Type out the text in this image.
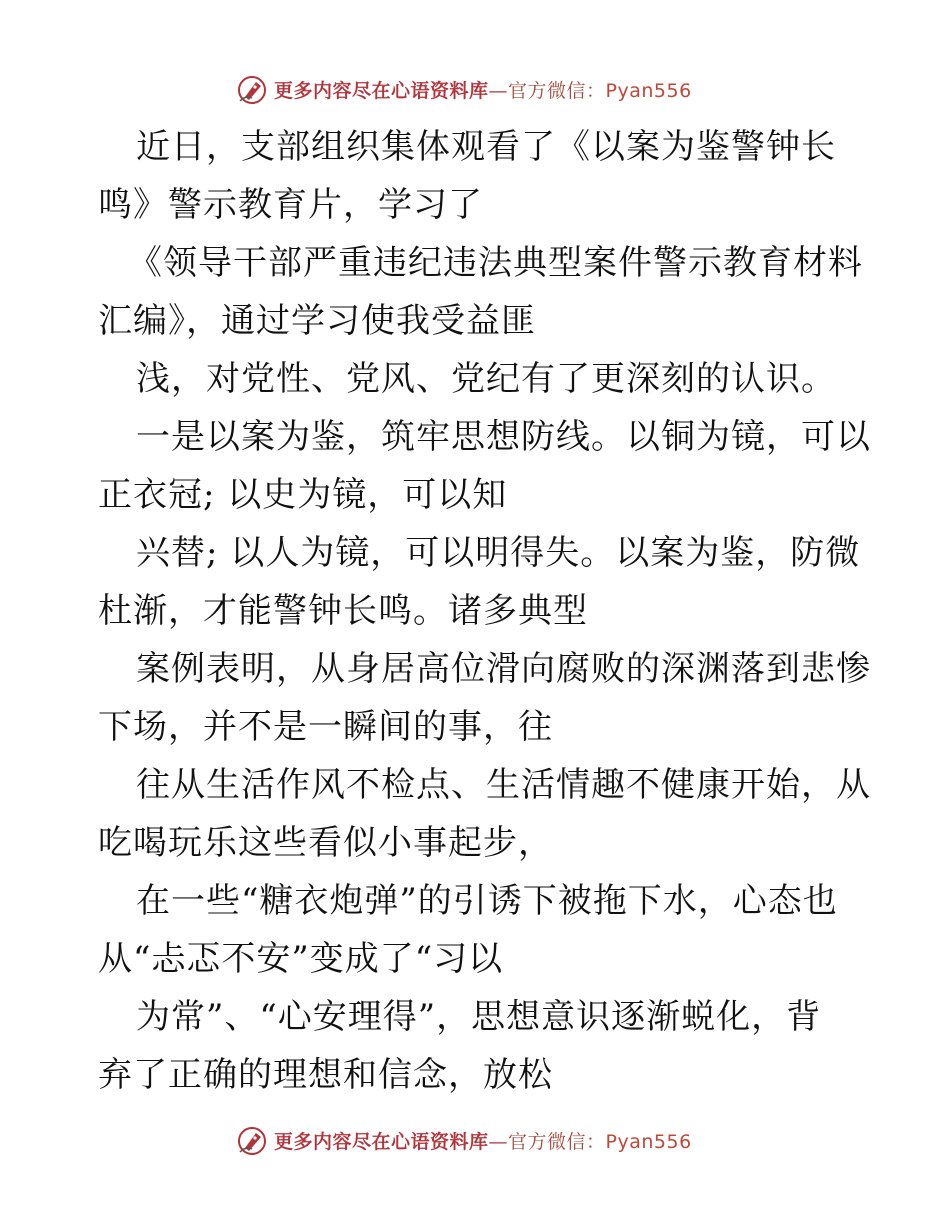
更多内容尽在心语资料库—官方微信：Pyan556
近日，支部组织集体观看了《以案为鉴警钟长
鸣》警示教育片，学习了
《领导干部严重违纪违法典型案件警示教育材料
汇编》，通过学习使我受益匪
浅，对党性、党风、党纪有了更深刻的认识。
一是以案为鉴，筑牢思想防线。以铜为镜，可以
正衣冠; 以史为镜，可以知
兴替; 以人为镜，可以明得失。以案为鉴，防微
杜渐，才能警钟长鸣。诸多典型
案例表明，从身居高位滑向腐败的深渊落到悲惨
下场，并不是一瞬间的事，往
往从生活作风不检点、生活情趣不健康开始，从
吃喝玩乐这些看似小事起步，
在一些“糖衣炮弹”的引诱下被拖下水，心态也
从“忐忑不安”变成了“习以
为常”、“心安理得”，思想意识逐渐蜕化，背
弃了正确的理想和信念，放松
更多内容尽在心语资料库—官方微信：Pyan556
